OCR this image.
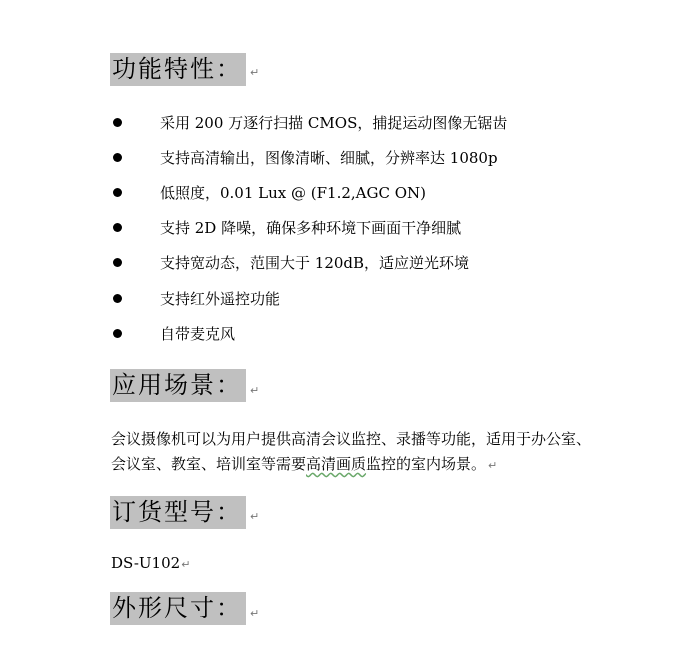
功能特性： ↵
采用 200 万逐行扫描 CMOS，捕捉运动图像无锯齿
支持高清输出，图像清晰、细腻，分辨率达 1080p
低照度，0.01 Lux @ (F1.2,AGC ON)
支持 2D 降噪，确保多种环境下画面干净细腻
支持宽动态，范围大于 120dB，适应逆光环境
支持红外遥控功能
自带麦克风
应用场景： ↵
会议摄像机可以为用户提供高清会议监控、录播等功能，适用于办公室、
会议室、教室、培训室等需要高清画质监控的室内场景。 ↵
订货型号： ↵
DS-U102↵
外形尺寸： ↵
